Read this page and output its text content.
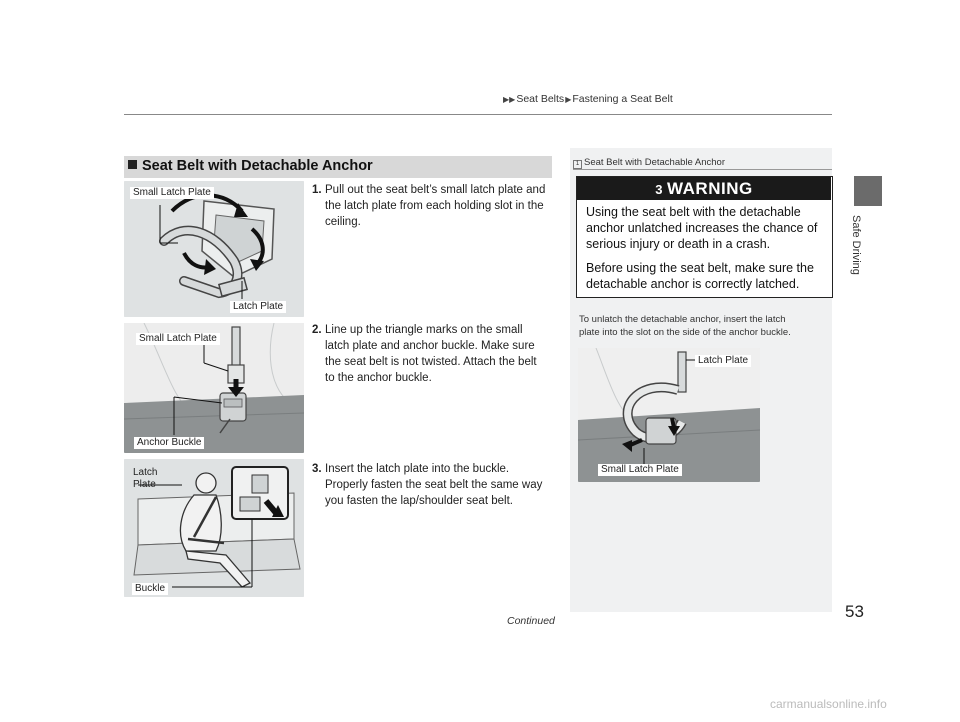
▶▶Seat Belts▶Fastening a Seat Belt
Safe Driving
Seat Belt with Detachable Anchor
Small Latch Plate
Latch Plate
Small Latch Plate
Anchor Buckle
Latch
Plate
Buckle
1. Pull out the seat belt’s small latch plate and
the latch plate from each holding slot in the
ceiling.
2. Line up the triangle marks on the small
latch plate and anchor buckle. Make sure
the seat belt is not twisted. Attach the belt
to the anchor buckle.
3. Insert the latch plate into the buckle.
Properly fasten the seat belt the same way
you fasten the lap/shoulder seat belt.
1 Seat Belt with Detachable Anchor
3 WARNING
Using the seat belt with the detachable
anchor unlatched increases the chance of
serious injury or death in a crash.
Before using the seat belt, make sure the
detachable anchor is correctly latched.
To unlatch the detachable anchor, insert the latch
plate into the slot on the side of the anchor buckle.
Latch Plate
Small Latch Plate
Continued	53
carmanualsonline.info
